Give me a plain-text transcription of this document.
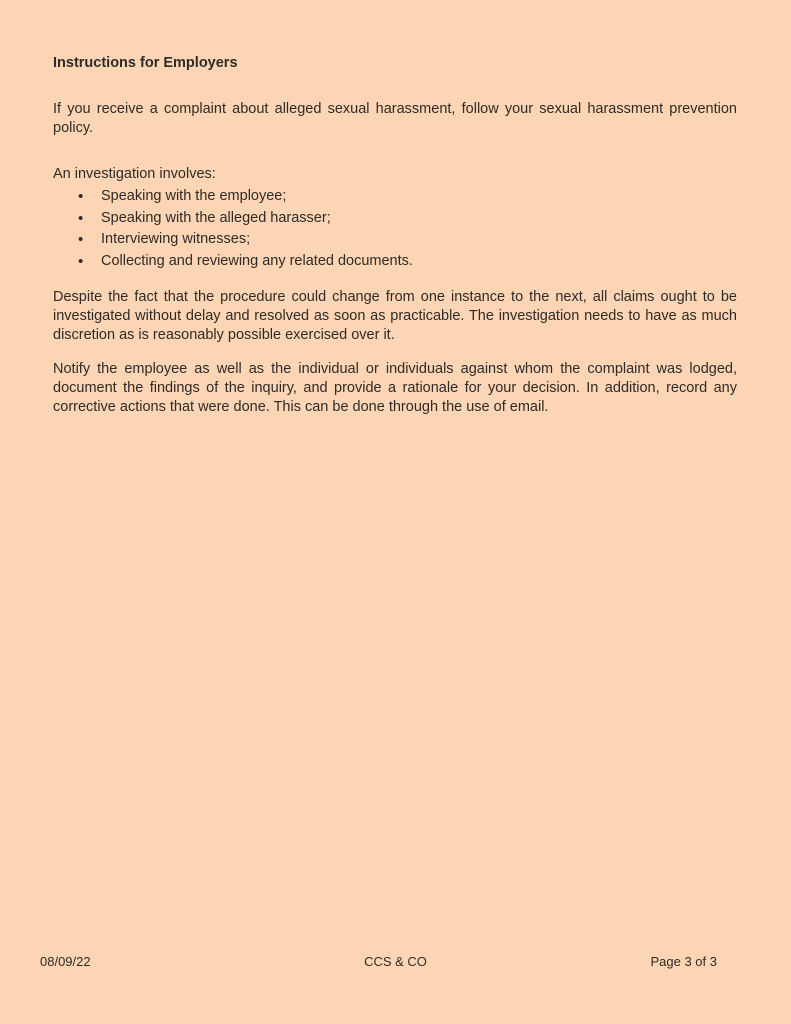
Instructions for Employers

If you receive a complaint about alleged sexual harassment, follow your sexual harassment prevention policy.

An investigation involves:

• Speaking with the employee;
• Speaking with the alleged harasser;
• Interviewing witnesses;
• Collecting and reviewing any related documents.

Despite the fact that the procedure could change from one instance to the next, all claims ought to be investigated without delay and resolved as soon as practicable. The investigation needs to have as much discretion as is reasonably possible exercised over it.

Notify the employee as well as the individual or individuals against whom the complaint was lodged, document the findings of the inquiry, and provide a rationale for your decision. In addition, record any corrective actions that were done. This can be done through the use of email.

08/09/22	CCS & CO	Page 3 of 3
